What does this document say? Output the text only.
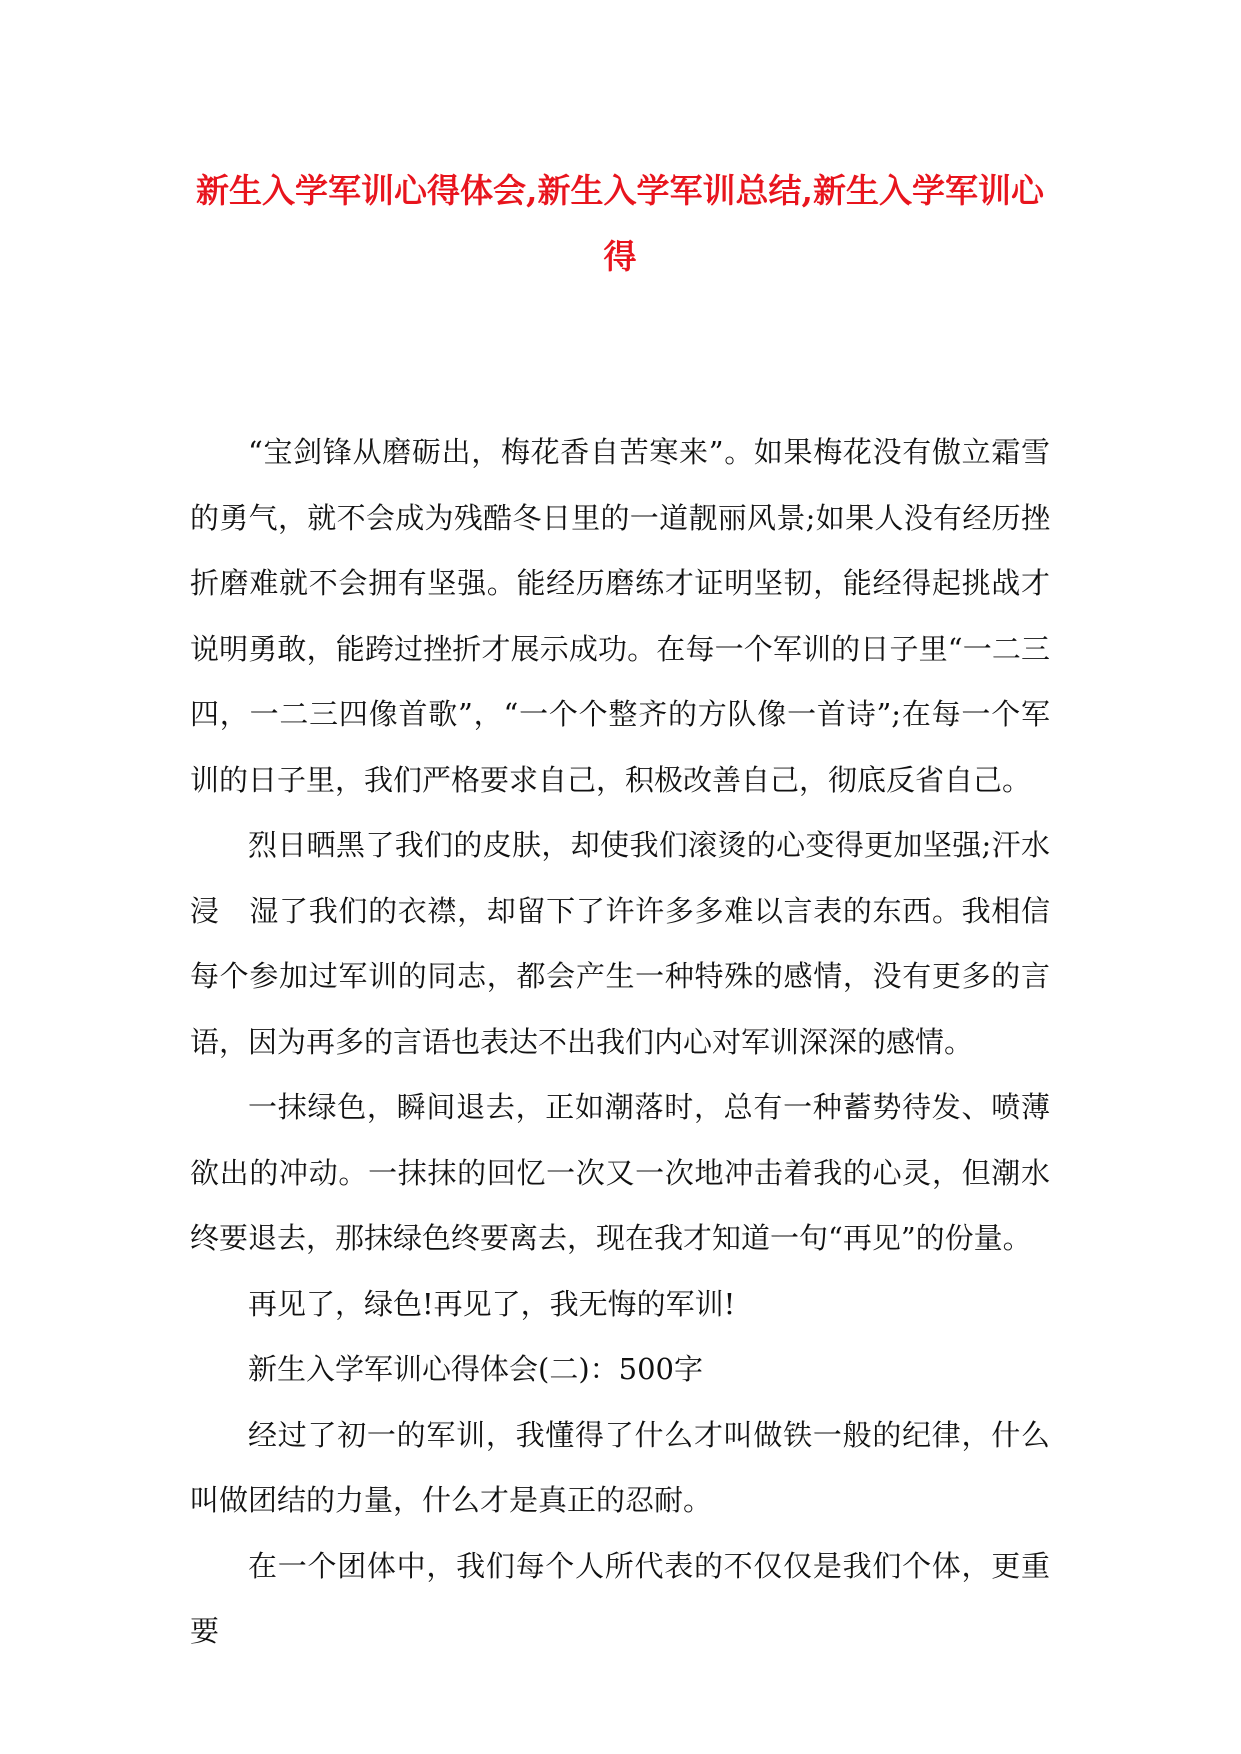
新生入学军训心得体会,新生入学军训总结,新生入学军训心得

“宝剑锋从磨砺出，梅花香自苦寒来”。如果梅花没有傲立霜雪的勇气，就不会成为残酷冬日里的一道靓丽风景;如果人没有经历挫折磨难就不会拥有坚强。能经历磨练才证明坚韧，能经得起挑战才说明勇敢，能跨过挫折才展示成功。在每一个军训的日子里“一二三四，一二三四像首歌”，“一个个整齐的方队像一首诗”;在每一个军训的日子里，我们严格要求自己，积极改善自己，彻底反省自己。

烈日晒黑了我们的皮肤，却使我们滚烫的心变得更加坚强;汗水浸　湿了我们的衣襟，却留下了许许多多难以言表的东西。我相信每个参加过军训的同志，都会产生一种特殊的感情，没有更多的言语，因为再多的言语也表达不出我们内心对军训深深的感情。

一抹绿色，瞬间退去，正如潮落时，总有一种蓄势待发、喷薄欲出的冲动。一抹抹的回忆一次又一次地冲击着我的心灵，但潮水终要退去，那抹绿色终要离去，现在我才知道一句“再见”的份量。

再见了，绿色!再见了，我无悔的军训!

新生入学军训心得体会(二)：500字

经过了初一的军训，我懂得了什么才叫做铁一般的纪律，什么叫做团结的力量，什么才是真正的忍耐。

在一个团体中，我们每个人所代表的不仅仅是我们个体，更重要
